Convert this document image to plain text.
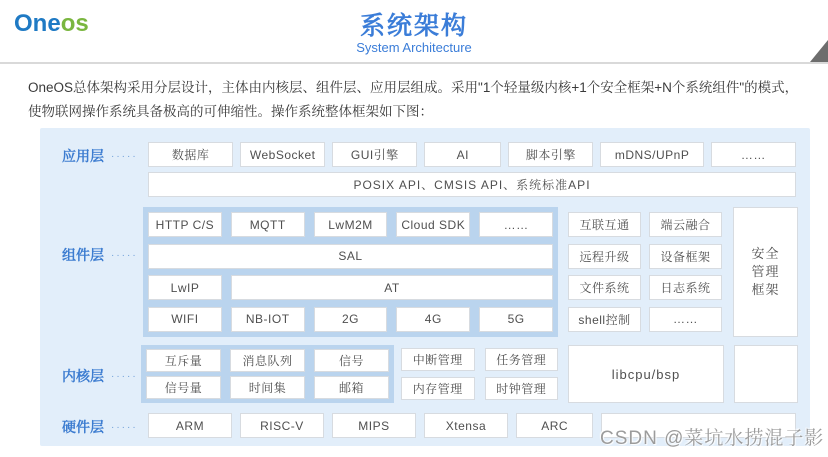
Oneos	系统架构
System Architecture
OneOS总体架构采用分层设计，主体由内核层、组件层、应用层组成。采用"1个轻量级内核+1个安全框架+N个系统组件"的模式，
使物联网操作系统具备极高的可伸缩性。操作系统整体框架如下图：
应用层 ·····
组件层 ·····
内核层 ·····
硬件层 ·····
数据库	WebSocket	GUI引擎	AI	脚本引擎	mDNS/UPnP	……
POSIX API、CMSIS API、系统标准API
HTTP C/S	MQTT	LwM2M	Cloud SDK	……
SAL
LwIP	AT
WIFI	NB-IOT	2G	4G	5G
互联互通	端云融合
远程升级	设备框架
文件系统	日志系统
shell控制	……
安全管理框架
互斥量	消息队列	信号
信号量	时间集	邮箱
中断管理	任务管理
内存管理	时钟管理
libcpu/bsp
ARM	RISC-V	MIPS	Xtensa	ARC
CSDN @菜坑水捞混子影
